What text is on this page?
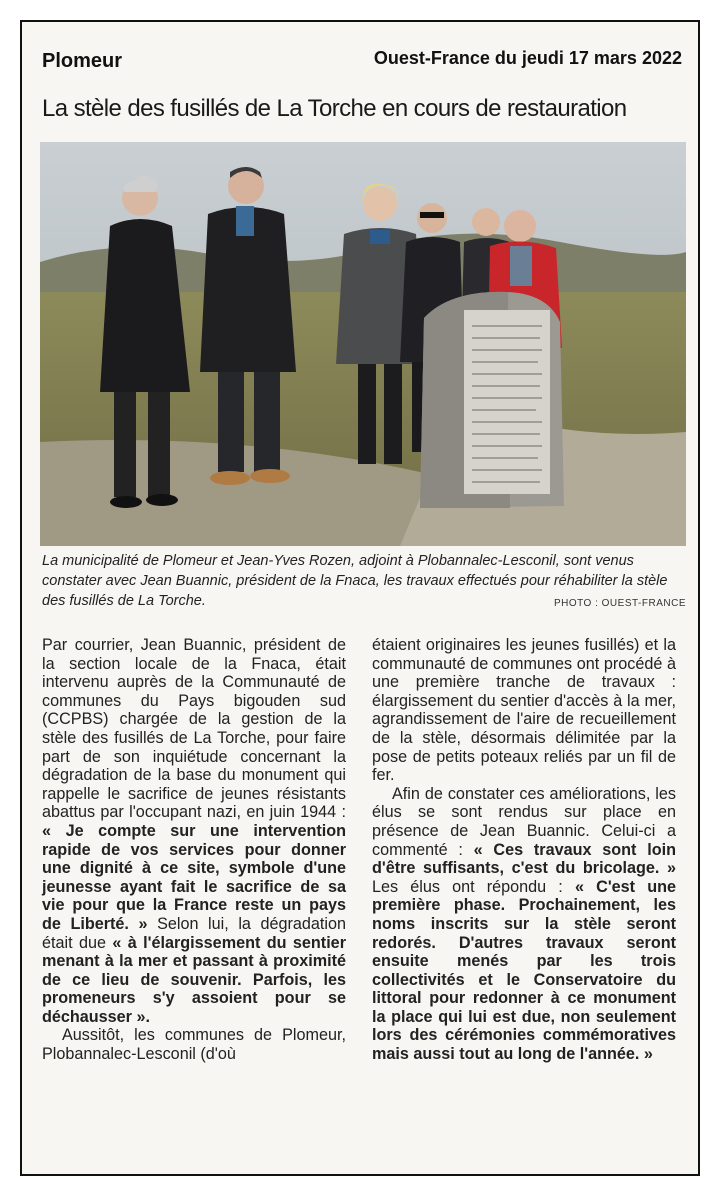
Plomeur	Ouest-France du jeudi 17 mars 2022
La stèle des fusillés de La Torche en cours de restauration
La municipalité de Plomeur et Jean-Yves Rozen, adjoint à Plobannalec-Lesconil, sont venus constater avec Jean Buannic, président de la Fnaca, les travaux effectués pour réhabiliter la stèle des fusillés de La Torche.	PHOTO : OUEST-FRANCE

Par courrier, Jean Buannic, président de la section locale de la Fnaca, était intervenu auprès de la Communauté de communes du Pays bigouden sud (CCPBS) chargée de la gestion de la stèle des fusillés de La Torche, pour faire part de son inquiétude concernant la dégradation de la base du monument qui rappelle le sacrifice de jeunes résistants abattus par l'occupant nazi, en juin 1944 : « Je compte sur une intervention rapide de vos services pour donner une dignité à ce site, symbole d'une jeunesse ayant fait le sacrifice de sa vie pour que la France reste un pays de Liberté. » Selon lui, la dégradation était due « à l'élargissement du sentier menant à la mer et passant à proximité de ce lieu de souvenir. Parfois, les promeneurs s'y assoient pour se déchausser ».

Aussitôt, les communes de Plomeur, Plobannalec-Lesconil (d'où

étaient originaires les jeunes fusillés) et la communauté de communes ont procédé à une première tranche de travaux : élargissement du sentier d'accès à la mer, agrandissement de l'aire de recueillement de la stèle, désormais délimitée par la pose de petits poteaux reliés par un fil de fer.

Afin de constater ces améliorations, les élus se sont rendus sur place en présence de Jean Buannic. Celui-ci a commenté : « Ces travaux sont loin d'être suffisants, c'est du bricolage. » Les élus ont répondu : « C'est une première phase. Prochainement, les noms inscrits sur la stèle seront redorés. D'autres travaux seront ensuite menés par les trois collectivités et le Conservatoire du littoral pour redonner à ce monument la place qui lui est due, non seulement lors des cérémonies commémoratives mais aussi tout au long de l'année. »
